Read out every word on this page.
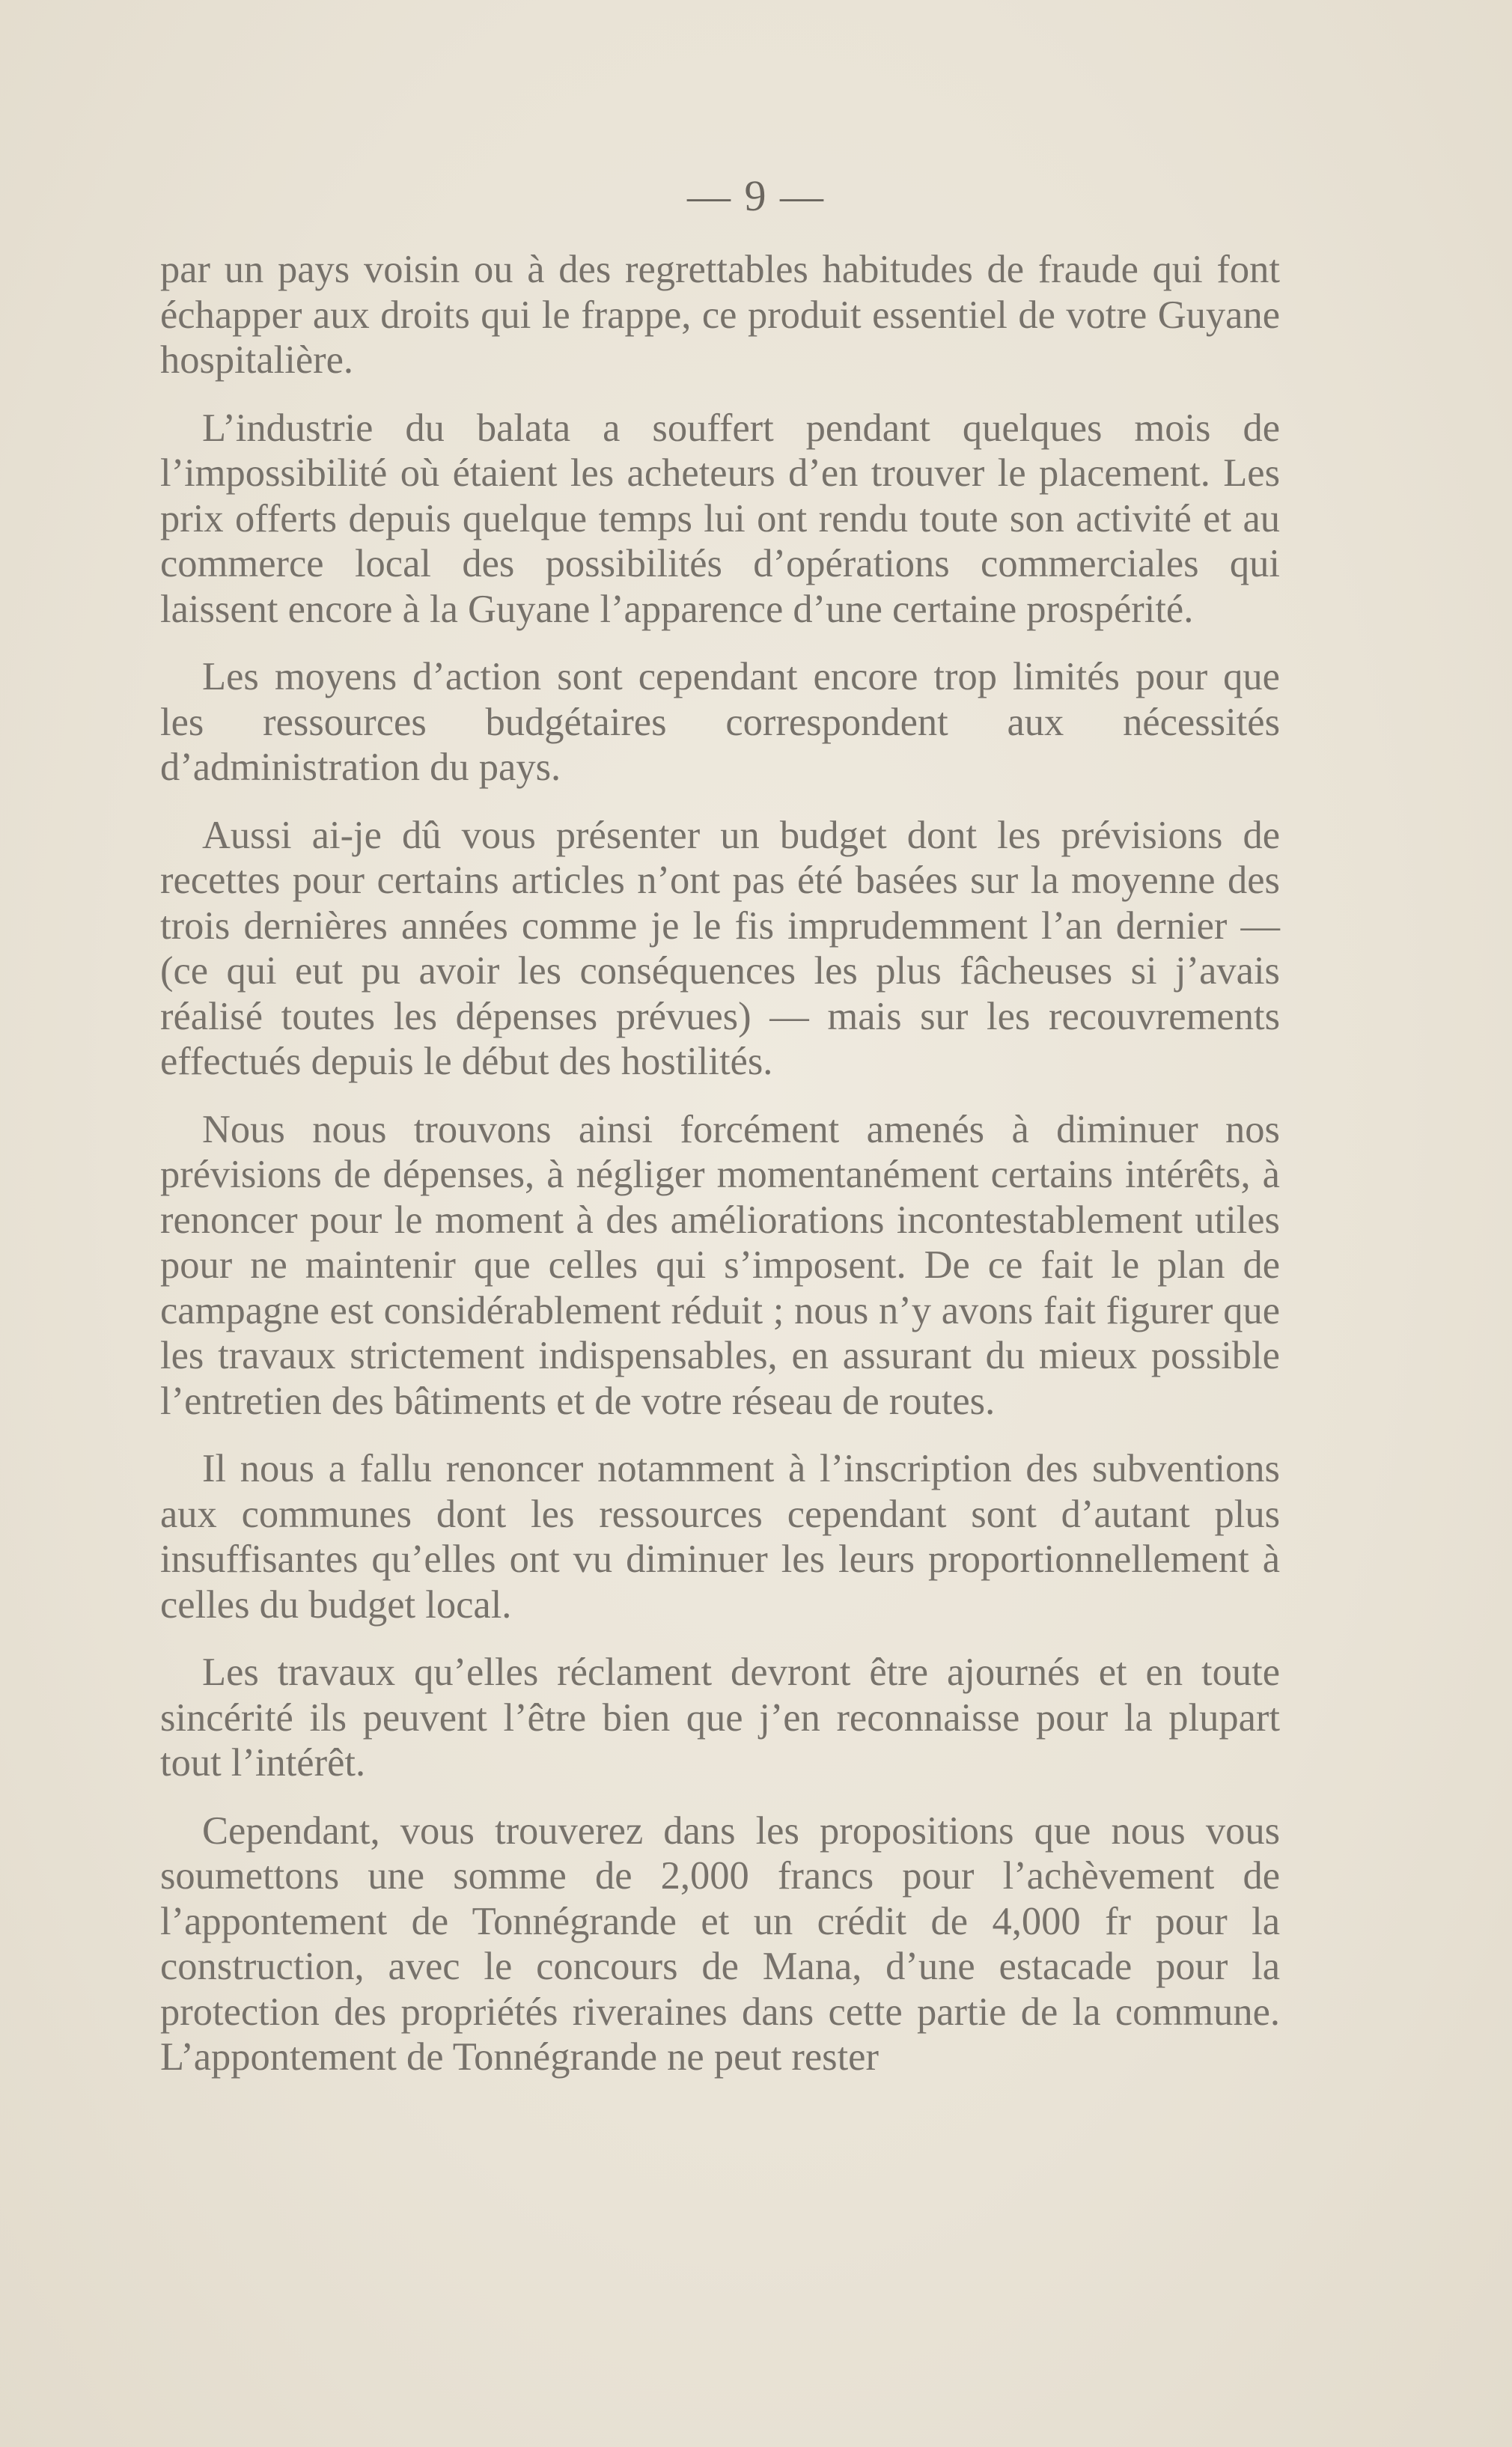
— 9 —

par un pays voisin ou à des regrettables habitudes de fraude qui font échapper aux droits qui le frappe, ce produit essentiel de votre Guyane hospitalière.

L’industrie du balata a souffert pendant quelques mois de l’impossibilité où étaient les acheteurs d’en trouver le placement. Les prix offerts depuis quelque temps lui ont rendu toute son activité et au commerce local des possibilités d’opérations commerciales qui laissent encore à la Guyane l’apparence d’une certaine prospérité.

Les moyens d’action sont cependant encore trop limités pour que les ressources budgétaires correspondent aux nécessités d’administration du pays.

Aussi ai-je dû vous présenter un budget dont les prévisions de recettes pour certains articles n’ont pas été basées sur la moyenne des trois dernières années comme je le fis imprudemment l’an dernier — (ce qui eut pu avoir les conséquences les plus fâcheuses si j’avais réalisé toutes les dépenses prévues) — mais sur les recouvrements effectués depuis le début des hostilités.

Nous nous trouvons ainsi forcément amenés à diminuer nos prévisions de dépenses, à négliger momentanément certains intérêts, à renoncer pour le moment à des améliorations incontestablement utiles pour ne maintenir que celles qui s’imposent. De ce fait le plan de campagne est considérablement réduit ; nous n’y avons fait figurer que les travaux strictement indispensables, en assurant du mieux possible l’entretien des bâtiments et de votre réseau de routes.

Il nous a fallu renoncer notamment à l’inscription des subventions aux communes dont les ressources cependant sont d’autant plus insuffisantes qu’elles ont vu diminuer les leurs proportionnellement à celles du budget local.

Les travaux qu’elles réclament devront être ajournés et en toute sincérité ils peuvent l’être bien que j’en reconnaisse pour la plupart tout l’intérêt.

Cependant, vous trouverez dans les propositions que nous vous soumettons une somme de 2,000 francs pour l’achèvement de l’appontement de Tonnégrande et un crédit de 4,000 fr pour la construction, avec le concours de Mana, d’une estacade pour la protection des propriétés riveraines dans cette partie de la commune. L’appontement de Tonnégrande ne peut rester
